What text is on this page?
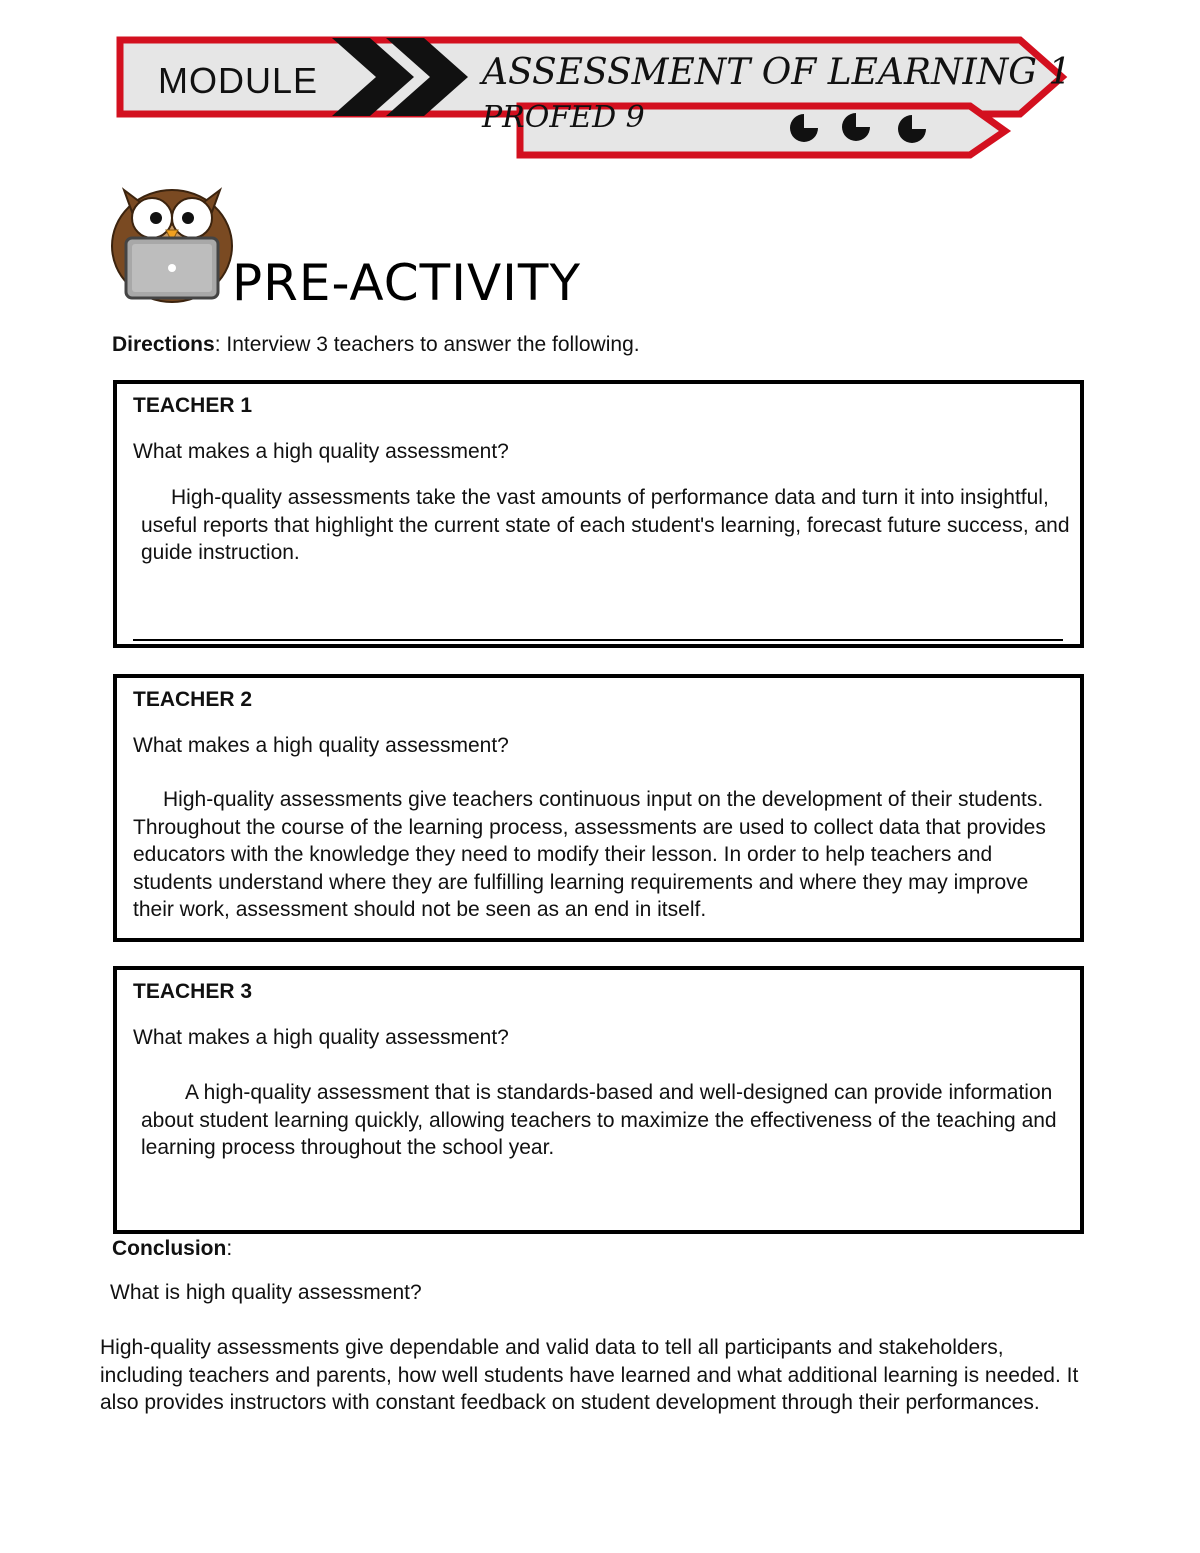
MODULE	ASSESSMENT OF LEARNING 1
PROFED 9
PRE-ACTIVITY
Directions: Interview 3 teachers to answer the following.
TEACHER 1
What makes a high quality assessment?
High-quality assessments take the vast amounts of performance data and turn it into insightful, useful reports that highlight the current state of each student's learning, forecast future success, and guide instruction.
TEACHER 2
What makes a high quality assessment?
High-quality assessments give teachers continuous input on the development of their students. Throughout the course of the learning process, assessments are used to collect data that provides educators with the knowledge they need to modify their lesson. In order to help teachers and students understand where they are fulfilling learning requirements and where they may improve their work, assessment should not be seen as an end in itself.
TEACHER 3
What makes a high quality assessment?
A high-quality assessment that is standards-based and well-designed can provide information about student learning quickly, allowing teachers to maximize the effectiveness of the teaching and learning process throughout the school year.
Conclusion:
What is high quality assessment?
High-quality assessments give dependable and valid data to tell all participants and stakeholders, including teachers and parents, how well students have learned and what additional learning is needed. It also provides instructors with constant feedback on student development through their performances.
